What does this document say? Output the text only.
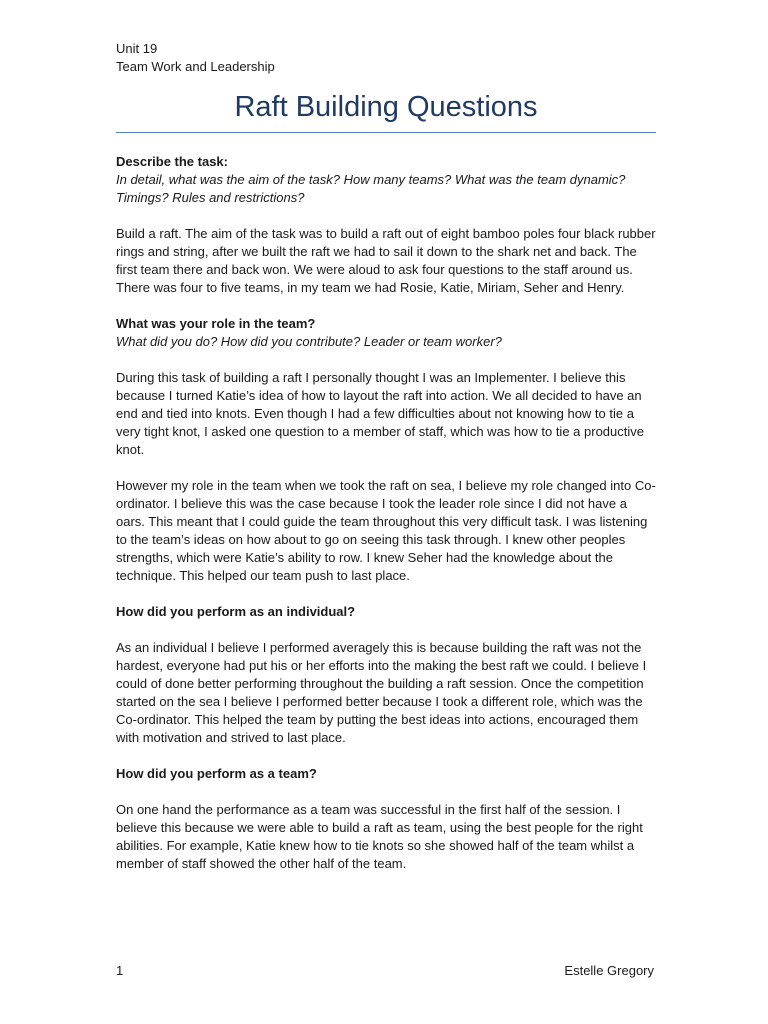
Unit 19

Team Work and Leadership

Raft Building Questions

Describe the task:

In detail, what was the aim of the task? How many teams? What was the team dynamic? Timings? Rules and restrictions?

Build a raft. The aim of the task was to build a raft out of eight bamboo poles four black rubber rings and string, after we built the raft we had to sail it down to the shark net and back. The first team there and back won. We were aloud to ask four questions to the staff around us. There was four to five teams, in my team we had Rosie, Katie, Miriam, Seher and Henry.

What was your role in the team?

What did you do? How did you contribute? Leader or team worker?

During this task of building a raft I personally thought I was an Implementer. I believe this because I turned Katie’s idea of how to layout the raft into action. We all decided to have an end and tied into knots. Even though I had a few difficulties about not knowing how to tie a very tight knot, I asked one question to a member of staff, which was how to tie a productive knot.

However my role in the team when we took the raft on sea, I believe my role changed into Co-ordinator. I believe this was the case because I took the leader role since I did not have a oars. This meant that I could guide the team throughout this very difficult task. I was listening to the team’s ideas on how about to go on seeing this task through. I knew other peoples strengths, which were Katie’s ability to row. I knew Seher had the knowledge about the technique. This helped our team push to last place.

How did you perform as an individual?

As an individual I believe I performed averagely this is because building the raft was not the hardest, everyone had put his or her efforts into the making the best raft we could. I believe I could of done better performing throughout the building a raft session. Once the competition started on the sea I believe I performed better because I took a different role, which was the Co-ordinator. This helped the team by putting the best ideas into actions, encouraged them with motivation and strived to last place.

How did you perform as a team?

On one hand the performance as a team was successful in the first half of the session. I believe this because we were able to build a raft as team, using the best people for the right abilities. For example, Katie knew how to tie knots so she showed half of the team whilst a member of staff showed the other half of the team.

1	Estelle Gregory
